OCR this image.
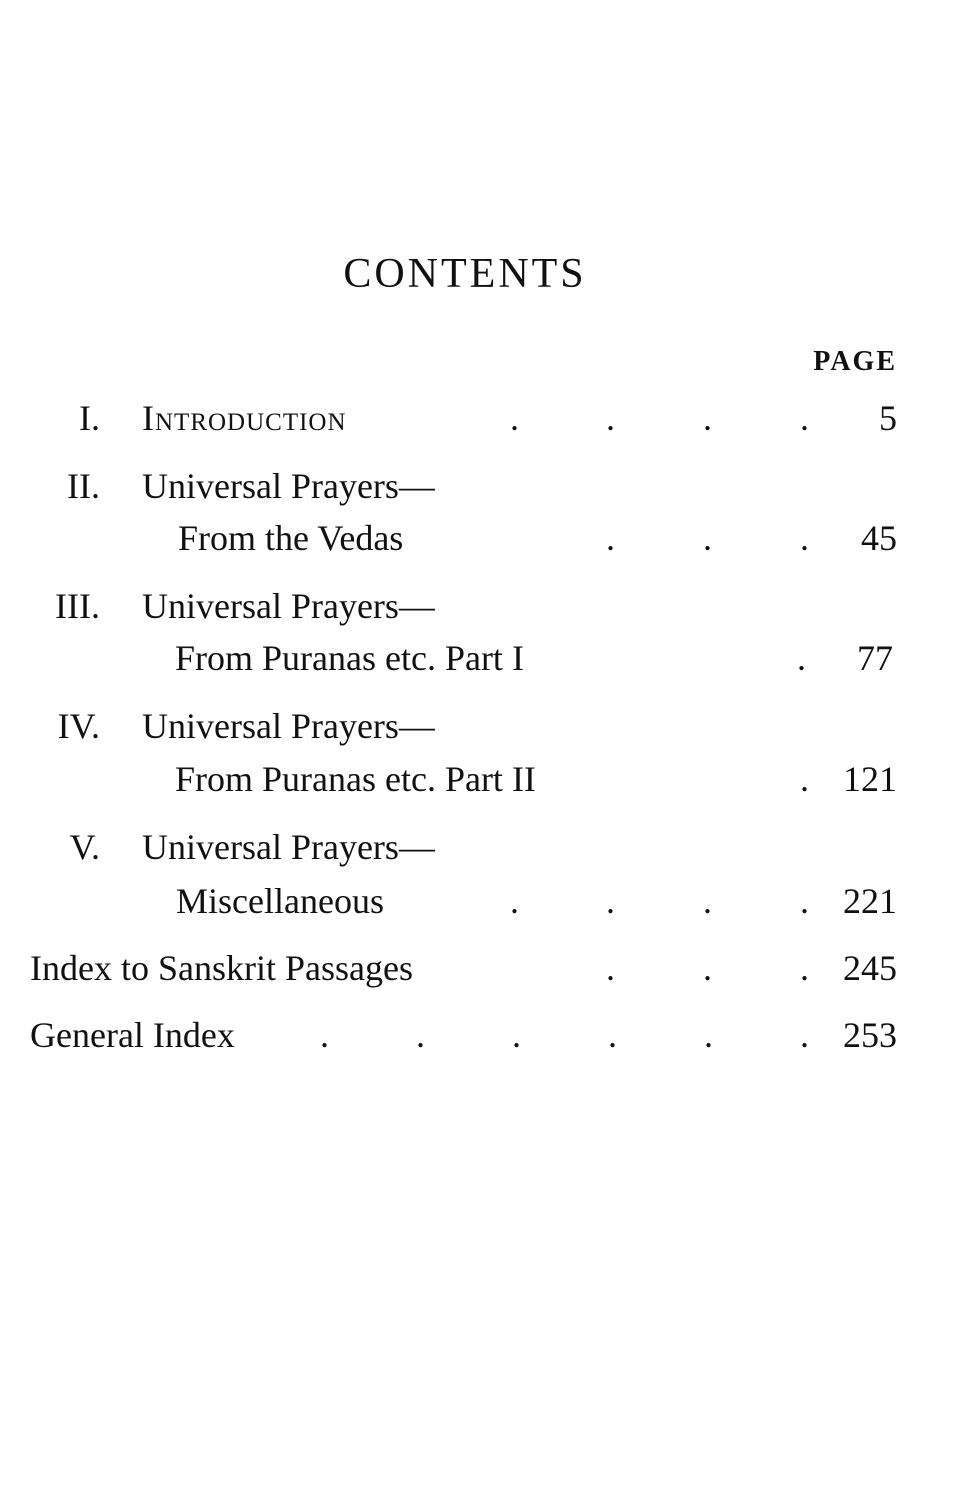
CONTENTS
PAGE
I. Introduction	. . . . 5
II. Universal Prayers—
From the Vedas	. . . 45
III. Universal Prayers—
From Puranas etc. Part I	. 77
IV. Universal Prayers—
From Puranas etc. Part II	. 121
V. Universal Prayers—
Miscellaneous	. . . . 221
Index to Sanskrit Passages	. . . 245
General Index . . . . . . 253
